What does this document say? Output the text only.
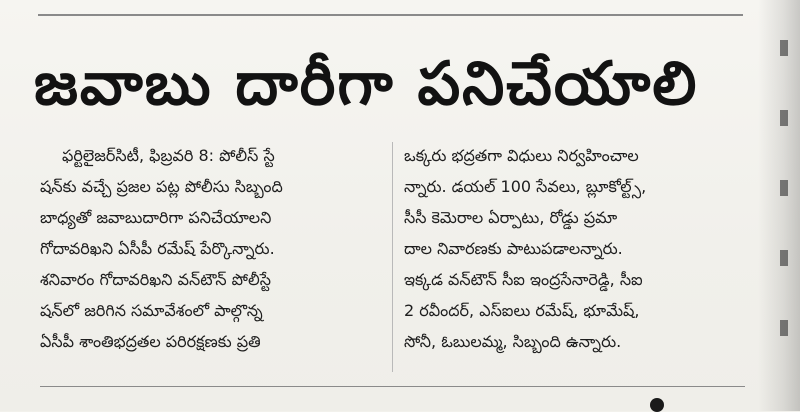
జవాబు దారీగా పనిచేయాలి
ఫర్టిలైజర్‌సిటీ, ఫిబ్రవరి 8: పోలీస్ స్టే
షన్‌కు వచ్చే ప్రజల పట్ల పోలీసు సిబ్బంది
బాధ్యతో జవాబుదారిగా పనిచేయాలని
గోదావరిఖని ఏసీపీ రమేష్ పేర్కొన్నారు.
శనివారం గోదావరిఖని వన్‌టౌన్ పోలీస్టే
షన్‌లో జరిగిన సమావేశంలో పాల్గొన్న
ఏసీపీ శాంతిభద్రతల పరిరక్షణకు ప్రతి
ఒక్కరు భద్రతగా విధులు నిర్వహించాల
న్నారు. డయల్ 100 సేవలు, బ్లూకోల్ట్స్,
సీసీ కెమెరాల ఏర్పాటు, రోడ్డు ప్రమా
దాల నివారణకు పాటుపడాలన్నారు.
ఇక్కడ వన్‌టౌన్ సీఐ ఇంద్రసేనారెడ్డి, సీఐ
2 రవీందర్, ఎస్ఐలు రమేష్, భూమేష్,
సోనీ, ఓబులమ్మ, సిబ్బంది ఉన్నారు.
